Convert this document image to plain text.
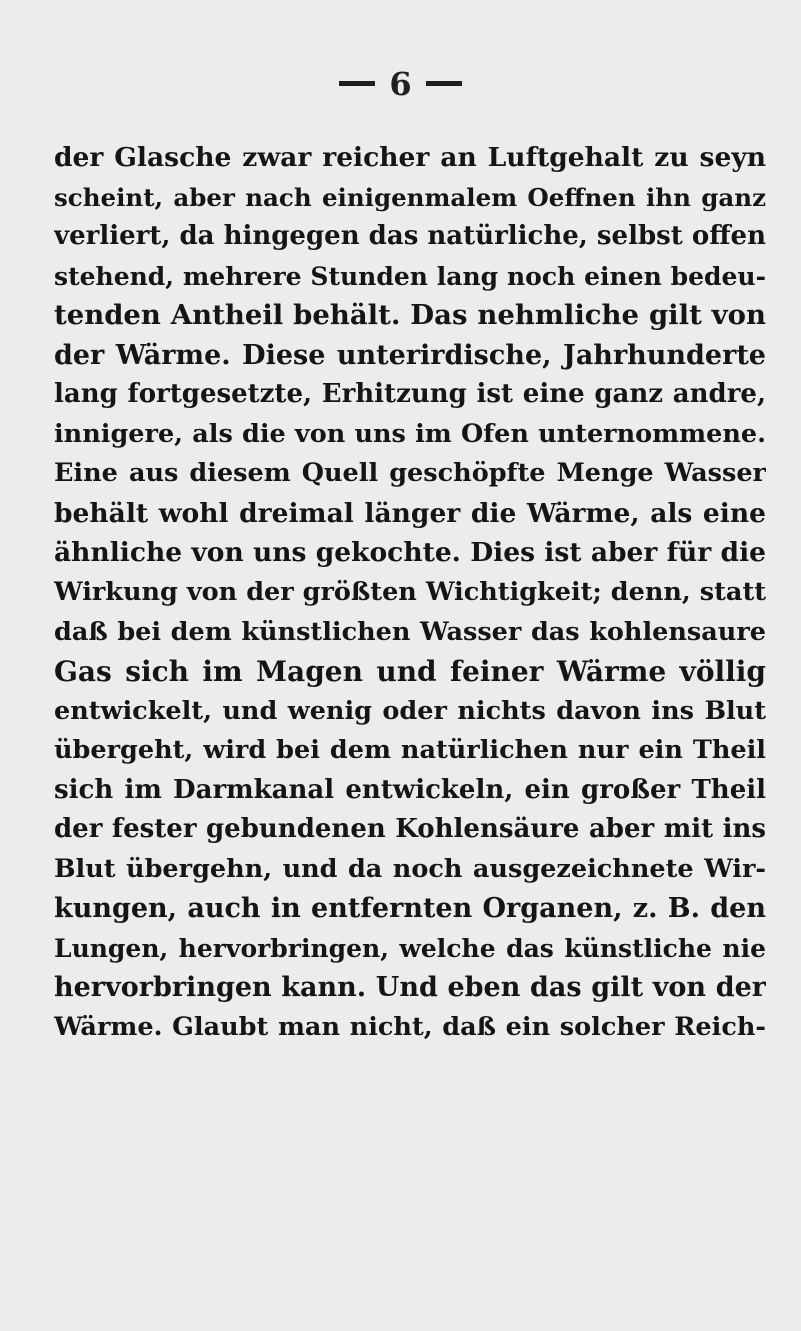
6
der Glasche zwar reicher an Luftgehalt zu seyn
scheint, aber nach einigenmalem Oeffnen ihn ganz
verliert, da hingegen das natürliche, selbst offen
stehend, mehrere Stunden lang noch einen bedeu-
tenden Antheil behält. Das nehmliche gilt von
der Wärme. Diese unterirdische, Jahrhunderte
lang fortgesetzte, Erhitzung ist eine ganz andre,
innigere, als die von uns im Ofen unternommene.
Eine aus diesem Quell geschöpfte Menge Wasser
behält wohl dreimal länger die Wärme, als eine
ähnliche von uns gekochte. Dies ist aber für die
Wirkung von der größten Wichtigkeit; denn, statt
daß bei dem künstlichen Wasser das kohlensaure
Gas sich im Magen und feiner Wärme völlig
entwickelt, und wenig oder nichts davon ins Blut
übergeht, wird bei dem natürlichen nur ein Theil
sich im Darmkanal entwickeln, ein großer Theil
der fester gebundenen Kohlensäure aber mit ins
Blut übergehn, und da noch ausgezeichnete Wir-
kungen, auch in entfernten Organen, z. B. den
Lungen, hervorbringen, welche das künstliche nie
hervorbringen kann. Und eben das gilt von der
Wärme. Glaubt man nicht, daß ein solcher Reich-
